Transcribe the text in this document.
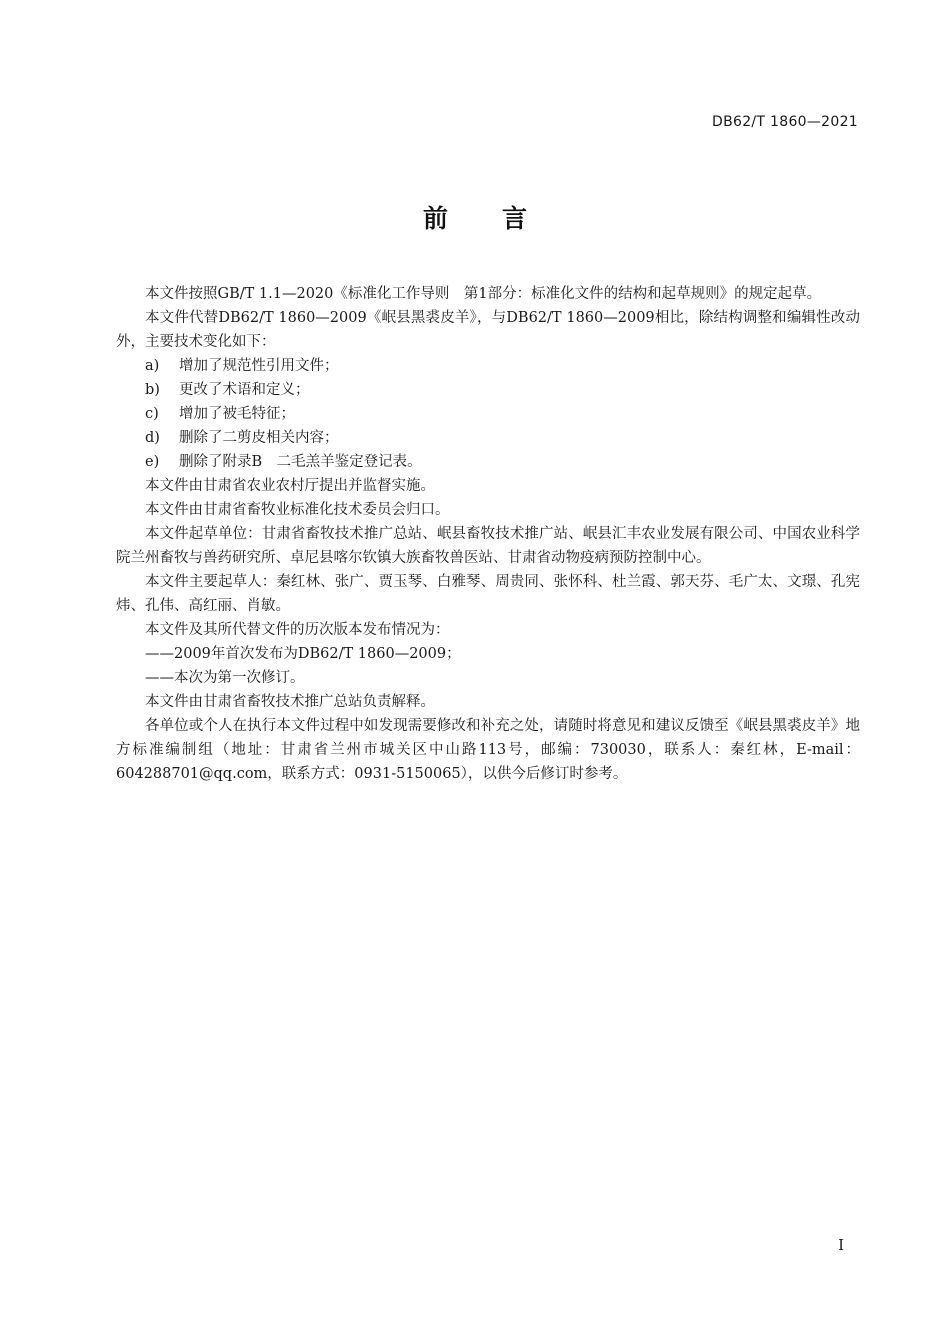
DB62/T 1860—2021
前言

本文件按照GB/T 1.1—2020《标准化工作导则　第1部分：标准化文件的结构和起草规则》的规定起草。

本文件代替DB62/T 1860—2009《岷县黑裘皮羊》，与DB62/T 1860—2009相比，除结构调整和编辑性改动外，主要技术变化如下：

a) 增加了规范性引用文件；

b) 更改了术语和定义；

c) 增加了被毛特征；

d) 删除了二剪皮相关内容；

e) 删除了附录B　二毛羔羊鉴定登记表。

本文件由甘肃省农业农村厅提出并监督实施。

本文件由甘肃省畜牧业标准化技术委员会归口。

本文件起草单位：甘肃省畜牧技术推广总站、岷县畜牧技术推广站、岷县汇丰农业发展有限公司、中国农业科学院兰州畜牧与兽药研究所、卓尼县喀尔钦镇大族畜牧兽医站、甘肃省动物疫病预防控制中心。

本文件主要起草人：秦红林、张广、贾玉琴、白雅琴、周贵同、张怀科、杜兰霞、郭天芬、毛广太、文璟、孔宪炜、孔伟、高红丽、肖敏。

本文件及其所代替文件的历次版本发布情况为：

——2009年首次发布为DB62/T 1860—2009；

——本次为第一次修订。

本文件由甘肃省畜牧技术推广总站负责解释。

各单位或个人在执行本文件过程中如发现需要修改和补充之处，请随时将意见和建议反馈至《岷县黑裘皮羊》地方标准编制组（地址：甘肃省兰州市城关区中山路113号，邮编：730030，联系人：秦红林，E-mail：604288701@qq.com，联系方式：0931-5150065），以供今后修订时参考。

I
